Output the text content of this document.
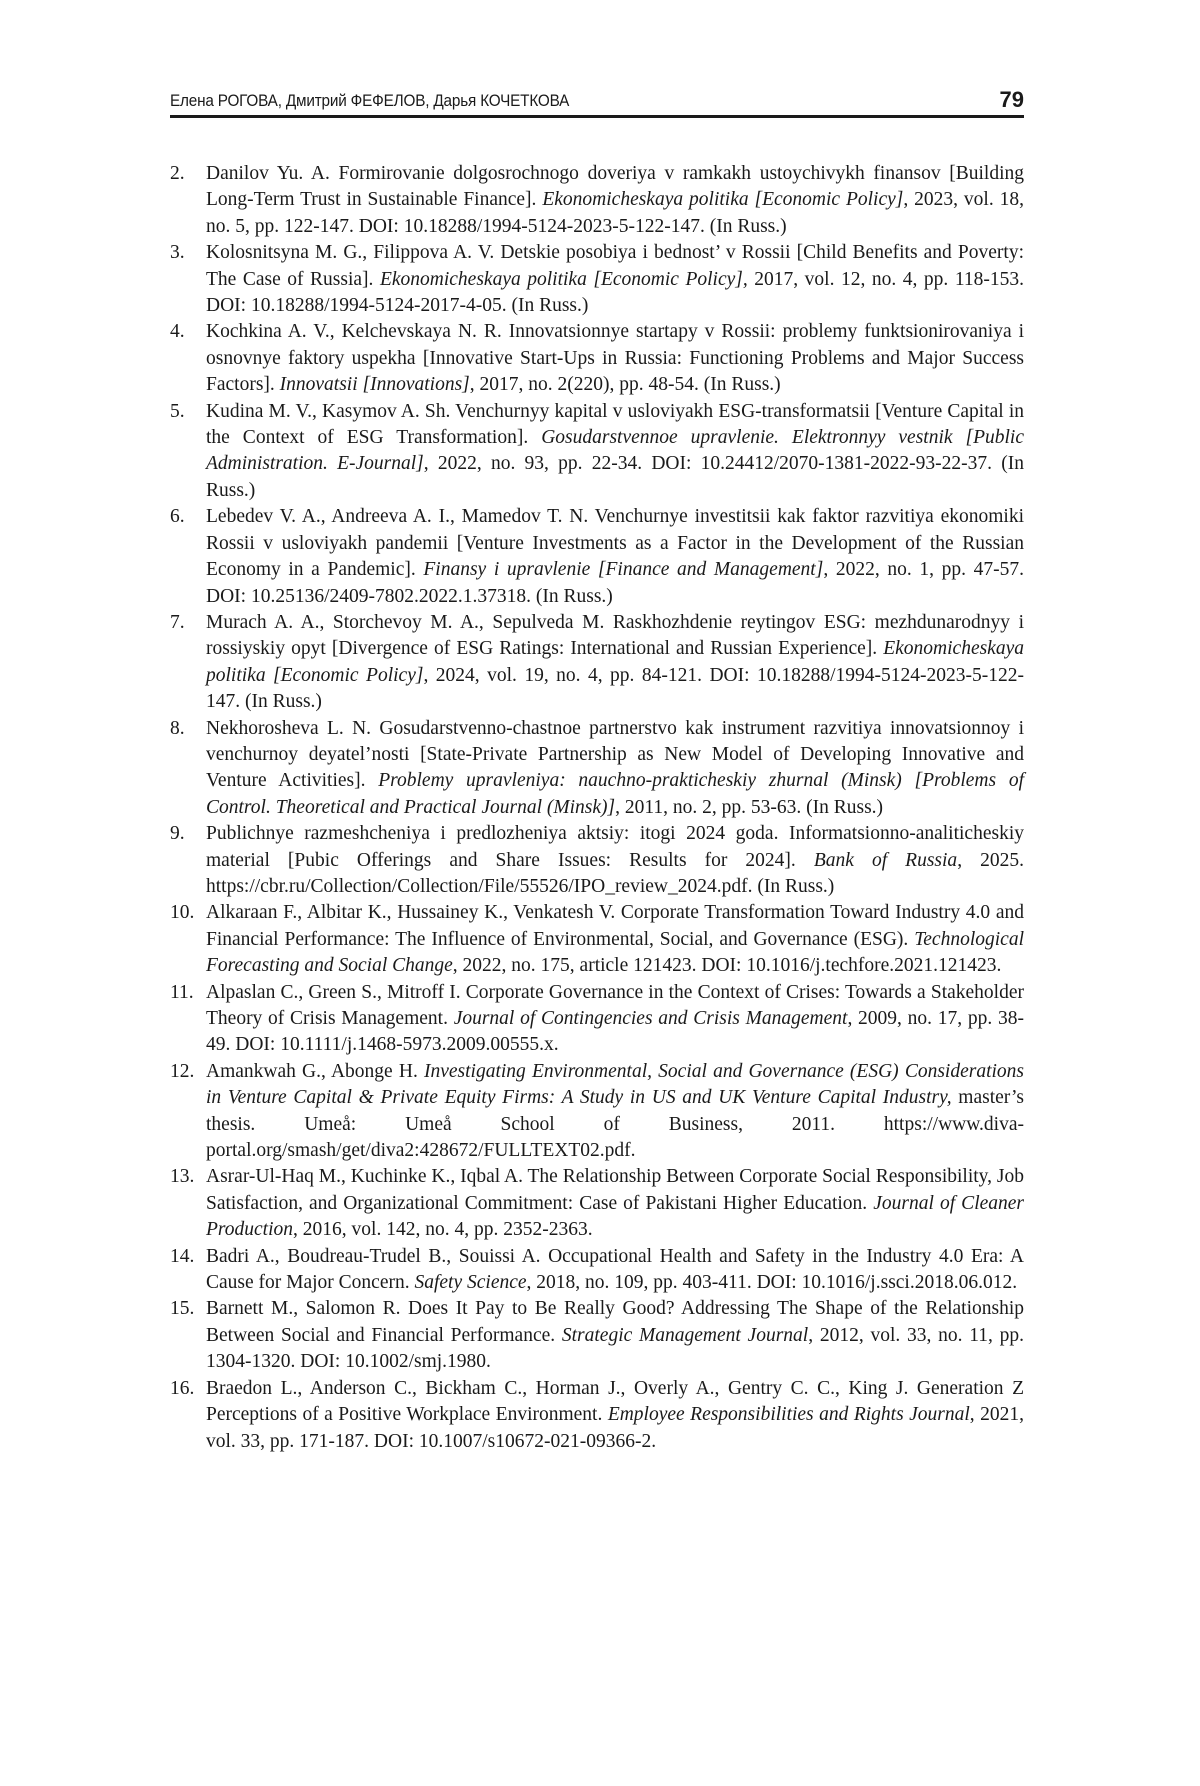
Елена РОГОВА, Дмитрий ФЕФЕЛОВ, Дарья КОЧЕТКОВА	79
2.	Danilov Yu. A. Formirovanie dolgosrochnogo doveriya v ramkakh ustoychivykh finansov [Building Long-Term Trust in Sustainable Finance]. Ekonomicheskaya politika [Economic Policy], 2023, vol. 18, no. 5, pp. 122-147. DOI: 10.18288/1994-5124-2023-5-122-147. (In Russ.)
3.	Kolosnitsyna M. G., Filippova A. V. Detskie posobiya i bednost’ v Rossii [Child Benefits and Poverty: The Case of Russia]. Ekonomicheskaya politika [Economic Policy], 2017, vol. 12, no. 4, pp. 118-153. DOI: 10.18288/1994-5124-2017-4-05. (In Russ.)
4.	Kochkina A. V., Kelchevskaya N. R. Innovatsionnye startapy v Rossii: problemy funktsionirovaniya i osnovnye faktory uspekha [Innovative Start-Ups in Russia: Functioning Problems and Major Success Factors]. Innovatsii [Innovations], 2017, no. 2(220), pp. 48-54. (In Russ.)
5.	Kudina M. V., Kasymov A. Sh. Venchurnyy kapital v usloviyakh ESG-transformatsii [Venture Capital in the Context of ESG Transformation]. Gosudarstvennoe upravlenie. Elektronnyy vestnik [Public Administration. E-Journal], 2022, no. 93, pp. 22-34. DOI: 10.24412/2070-1381-2022-93-22-37. (In Russ.)
6.	Lebedev V. A., Andreeva A. I., Mamedov T. N. Venchurnye investitsii kak faktor razvitiya ekonomiki Rossii v usloviyakh pandemii [Venture Investments as a Factor in the Development of the Russian Economy in a Pandemic]. Finansy i upravlenie [Finance and Management], 2022, no. 1, pp. 47-57. DOI: 10.25136/2409-7802.2022.1.37318. (In Russ.)
7.	Murach A. A., Storchevoy M. A., Sepulveda M. Raskhozhdenie reytingov ESG: mezhdunarodnyy i rossiyskiy opyt [Divergence of ESG Ratings: International and Russian Experience]. Ekonomicheskaya politika [Economic Policy], 2024, vol. 19, no. 4, pp. 84-121. DOI: 10.18288/1994-5124-2023-5-122-147. (In Russ.)
8.	Nekhorosheva L. N. Gosudarstvenno-chastnoe partnerstvo kak instrument razvitiya innovatsionnoy i venchurnoy deyatel’nosti [State-Private Partnership as New Model of Developing Innovative and Venture Activities]. Problemy upravleniya: nauchno-prakticheskiy zhurnal (Minsk) [Problems of Control. Theoretical and Practical Journal (Minsk)], 2011, no. 2, pp. 53-63. (In Russ.)
9.	Publichnye razmeshcheniya i predlozheniya aktsiy: itogi 2024 goda. Informatsionno-analiticheskiy material [Pubic Offerings and Share Issues: Results for 2024]. Bank of Russia, 2025. https://cbr.ru/Collection/Collection/File/55526/IPO_review_2024.pdf. (In Russ.)
10. Alkaraan F., Albitar K., Hussainey K., Venkatesh V. Corporate Transformation Toward Industry 4.0 and Financial Performance: The Influence of Environmental, Social, and Governance (ESG). Technological Forecasting and Social Change, 2022, no. 175, article 121423. DOI: 10.1016/j.techfore.2021.121423.
11. Alpaslan C., Green S., Mitroff I. Corporate Governance in the Context of Crises: Towards a Stakeholder Theory of Crisis Management. Journal of Contingencies and Crisis Management, 2009, no. 17, pp. 38-49. DOI: 10.1111/j.1468-5973.2009.00555.x.
12. Amankwah G., Abonge H. Investigating Environmental, Social and Governance (ESG) Considerations in Venture Capital & Private Equity Firms: A Study in US and UK Venture Capital Industry, master’s thesis. Umeå: Umeå School of Business, 2011. https://www.diva-portal.org/smash/get/diva2:428672/FULLTEXT02.pdf.
13. Asrar-Ul-Haq M., Kuchinke K., Iqbal A. The Relationship Between Corporate Social Responsibility, Job Satisfaction, and Organizational Commitment: Case of Pakistani Higher Education. Journal of Cleaner Production, 2016, vol. 142, no. 4, pp. 2352-2363.
14. Badri A., Boudreau-Trudel B., Souissi A. Occupational Health and Safety in the Industry 4.0 Era: A Cause for Major Concern. Safety Science, 2018, no. 109, pp. 403-411. DOI: 10.1016/j.ssci.2018.06.012.
15. Barnett M., Salomon R. Does It Pay to Be Really Good? Addressing The Shape of the Relationship Between Social and Financial Performance. Strategic Management Journal, 2012, vol. 33, no. 11, pp. 1304-1320. DOI: 10.1002/smj.1980.
16. Braedon L., Anderson C., Bickham C., Horman J., Overly A., Gentry C. C., King J. Generation Z Perceptions of a Positive Workplace Environment. Employee Responsibilities and Rights Journal, 2021, vol. 33, pp. 171-187. DOI: 10.1007/s10672-021-09366-2.
